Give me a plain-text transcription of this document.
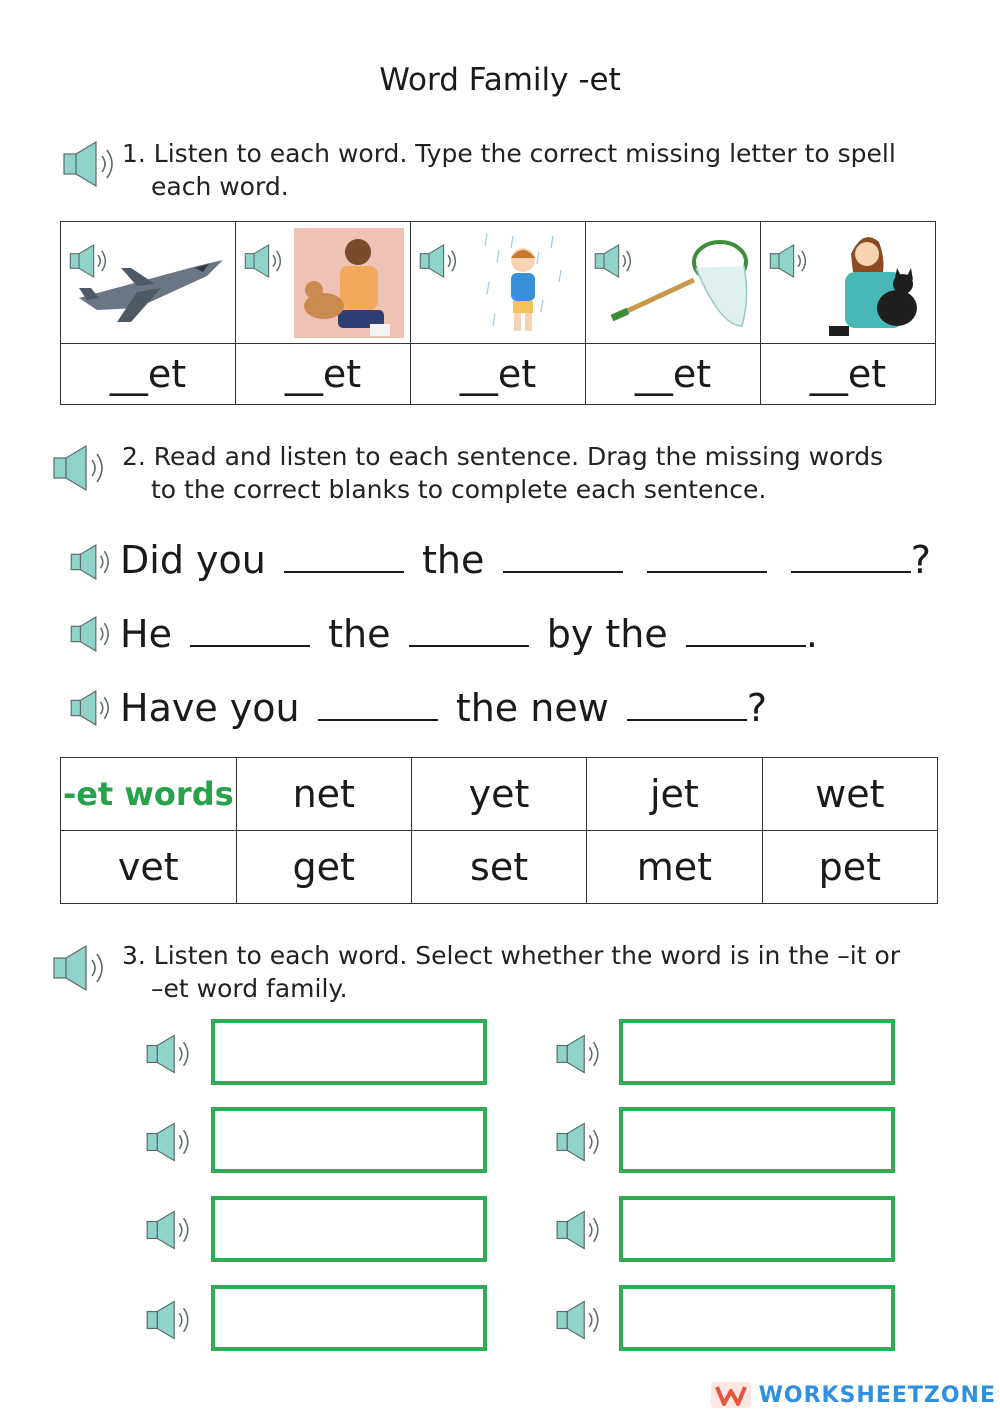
Word Family -et
1. Listen to each word. Type the correct missing letter to spell
each word.

__et	__et	__et	__et	__et
2. Read and listen to each sentence. Drag the missing words
to the correct blanks to complete each sentence.
Did you	the	?
He	the	by the	.
Have you	the new	?
-et words	net	yet	jet	wet
vet	get	set	met	pet
3. Listen to each word. Select whether the word is in the –it or
–et word family.
WORKSHEETZONE
